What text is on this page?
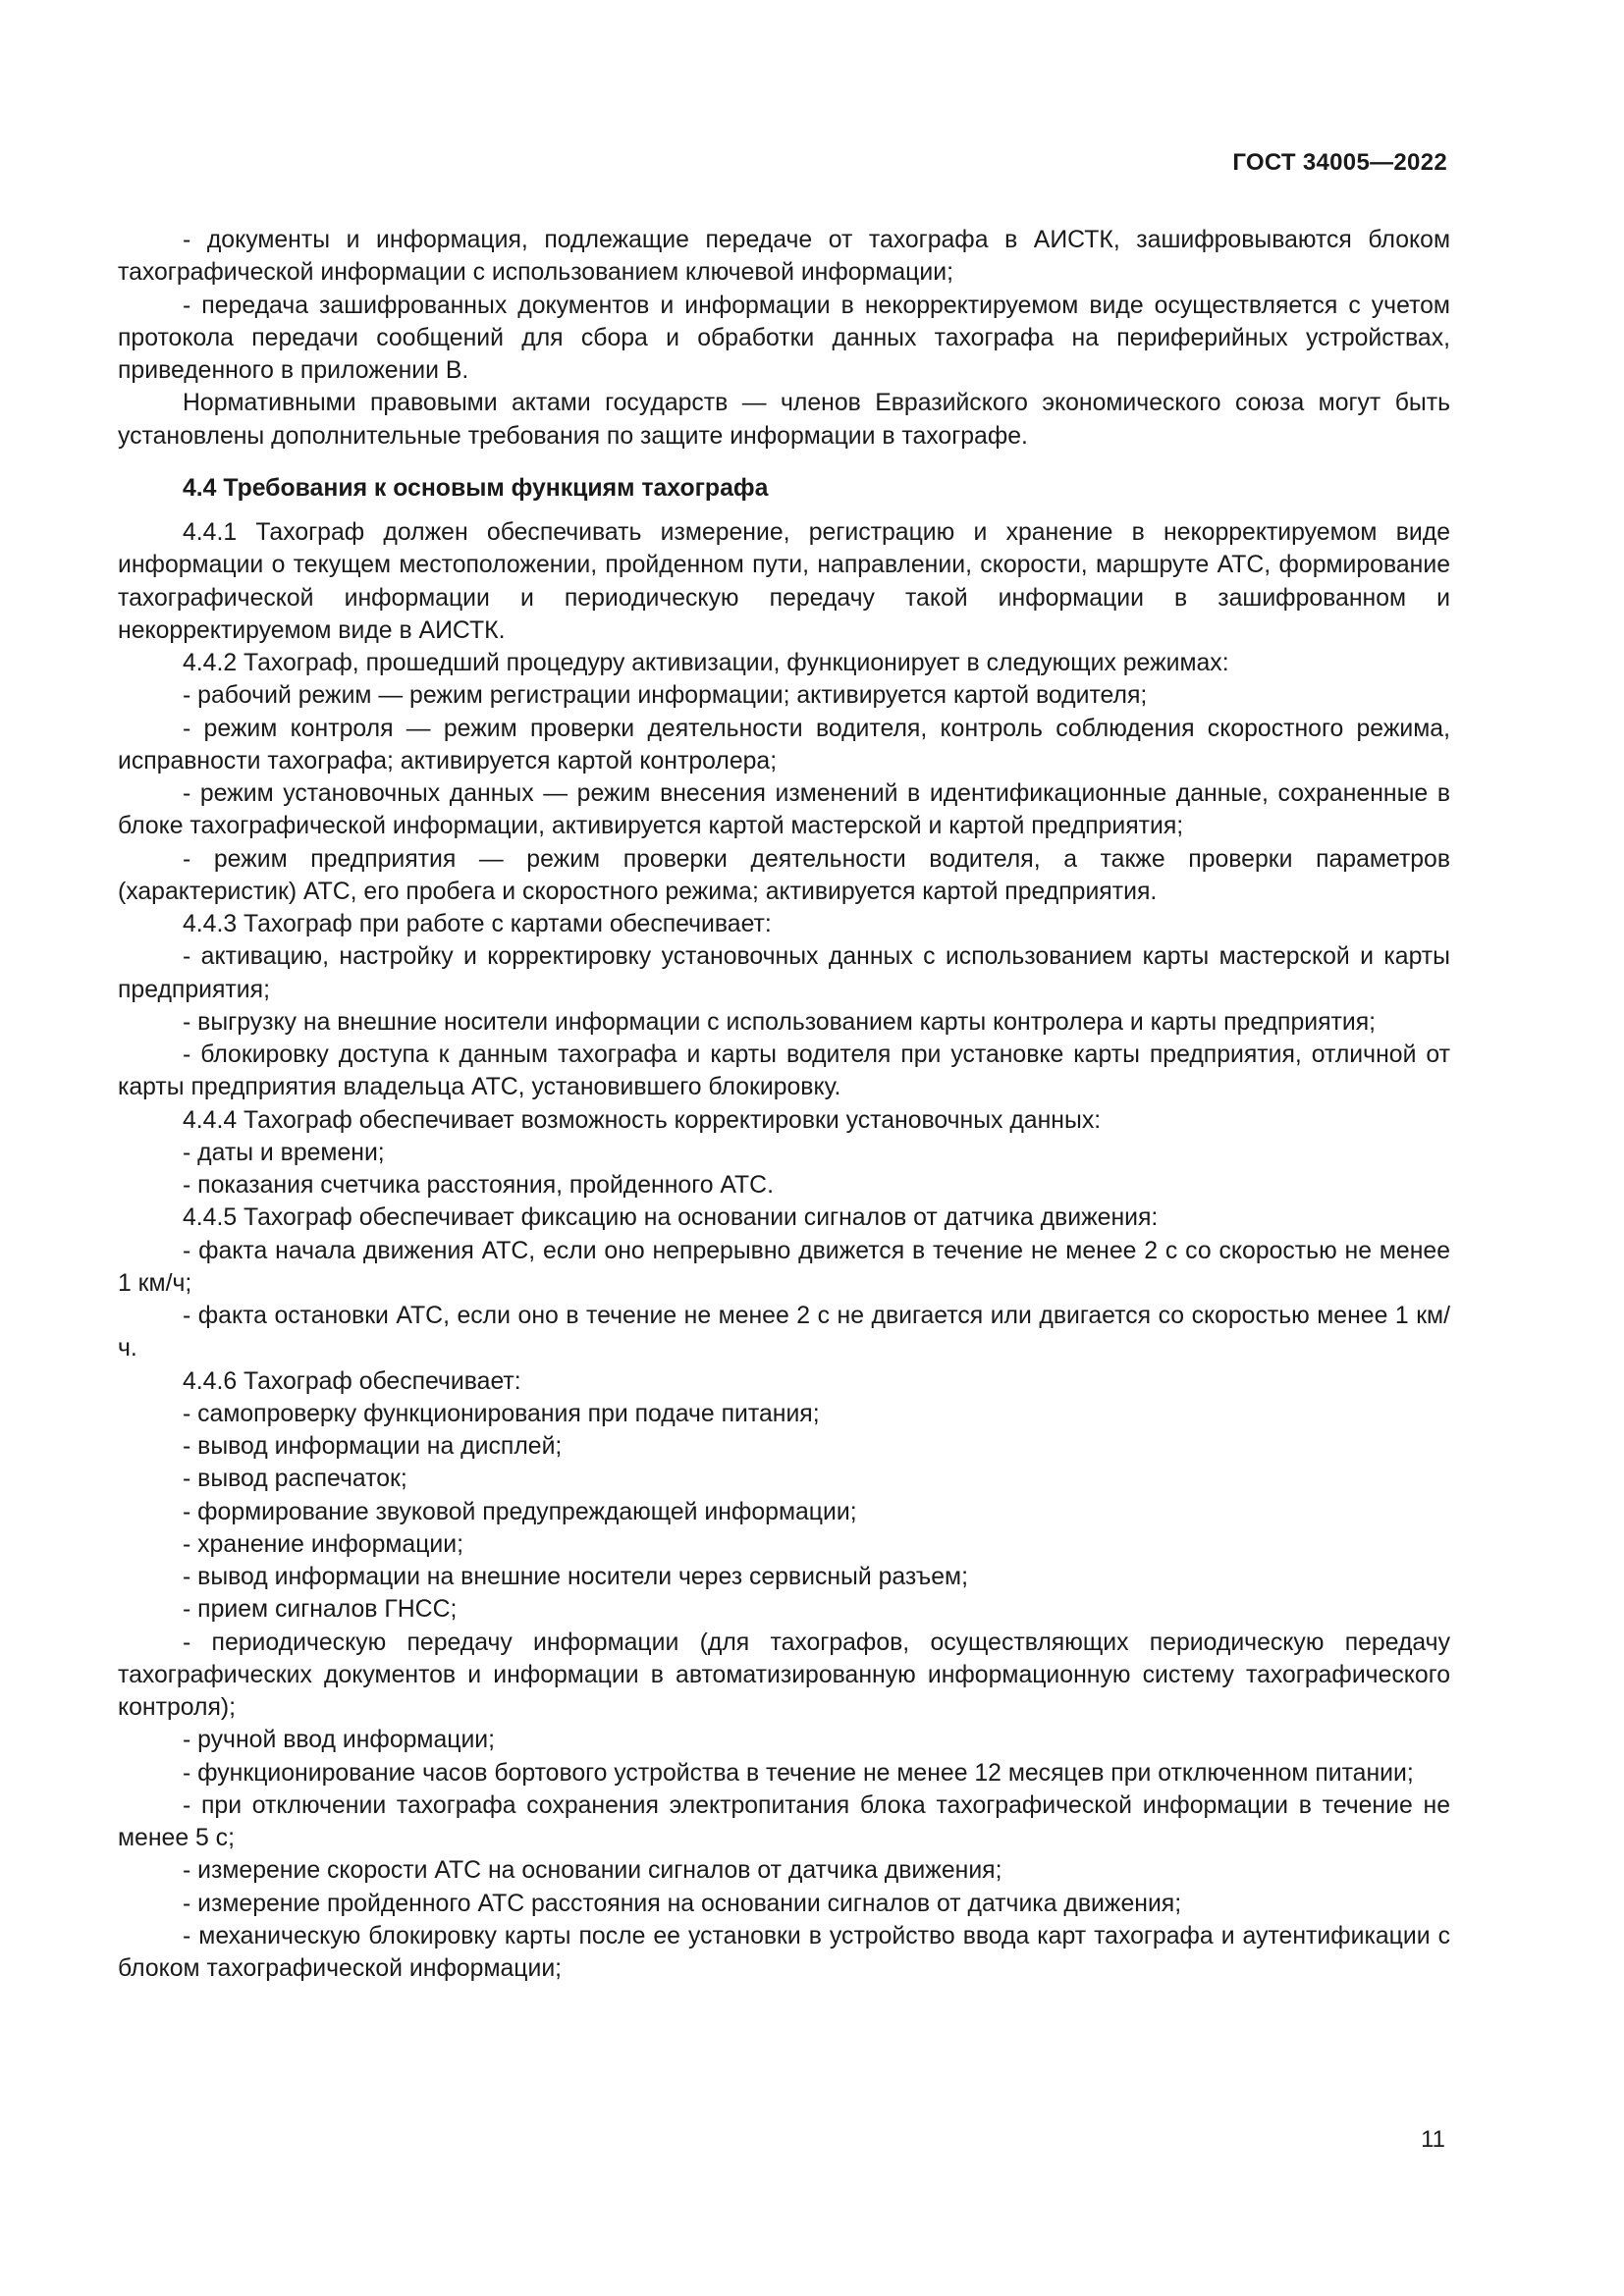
ГОСТ 34005—2022

- документы и информация, подлежащие передаче от тахографа в АИСТК, зашифровываются блоком тахографической информации с использованием ключевой информации;

- передача зашифрованных документов и информации в некорректируемом виде осуществляется с учетом протокола передачи сообщений для сбора и обработки данных тахографа на периферийных устройствах, приведенного в приложении В.

Нормативными правовыми актами государств — членов Евразийского экономического союза могут быть установлены дополнительные требования по защите информации в тахографе.

4.4 Требования к основым функциям тахографа

4.4.1 Тахограф должен обеспечивать измерение, регистрацию и хранение в некорректируемом виде информации о текущем местоположении, пройденном пути, направлении, скорости, маршруте АТС, формирование тахографической информации и периодическую передачу такой информации в зашифрованном и некорректируемом виде в АИСТК.

4.4.2 Тахограф, прошедший процедуру активизации, функционирует в следующих режимах:

- рабочий режим — режим регистрации информации; активируется картой водителя;

- режим контроля — режим проверки деятельности водителя, контроль соблюдения скоростного режима, исправности тахографа; активируется картой контролера;

- режим установочных данных — режим внесения изменений в идентификационные данные, сохраненные в блоке тахографической информации, активируется картой мастерской и картой предприятия;

- режим предприятия — режим проверки деятельности водителя, а также проверки параметров (характеристик) АТС, его пробега и скоростного режима; активируется картой предприятия.

4.4.3 Тахограф при работе с картами обеспечивает:

- активацию, настройку и корректировку установочных данных с использованием карты мастерской и карты предприятия;

- выгрузку на внешние носители информации с использованием карты контролера и карты предприятия;

- блокировку доступа к данным тахографа и карты водителя при установке карты предприятия, отличной от карты предприятия владельца АТС, установившего блокировку.

4.4.4 Тахограф обеспечивает возможность корректировки установочных данных:

- даты и времени;

- показания счетчика расстояния, пройденного АТС.

4.4.5 Тахограф обеспечивает фиксацию на основании сигналов от датчика движения:

- факта начала движения АТС, если оно непрерывно движется в течение не менее 2 с со скоростью не менее 1 км/ч;

- факта остановки АТС, если оно в течение не менее 2 с не двигается или двигается со скоростью менее 1 км/ч.

4.4.6 Тахограф обеспечивает:

- самопроверку функционирования при подаче питания;

- вывод информации на дисплей;

- вывод распечаток;

- формирование звуковой предупреждающей информации;

- хранение информации;

- вывод информации на внешние носители через сервисный разъем;

- прием сигналов ГНСС;

- периодическую передачу информации (для тахографов, осуществляющих периодическую передачу тахографических документов и информации в автоматизированную информационную систему тахографического контроля);

- ручной ввод информации;

- функционирование часов бортового устройства в течение не менее 12 месяцев при отключенном питании;

- при отключении тахографа сохранения электропитания блока тахографической информации в течение не менее 5 с;

- измерение скорости АТС на основании сигналов от датчика движения;

- измерение пройденного АТС расстояния на основании сигналов от датчика движения;

- механическую блокировку карты после ее установки в устройство ввода карт тахографа и аутентификации с блоком тахографической информации;

11
